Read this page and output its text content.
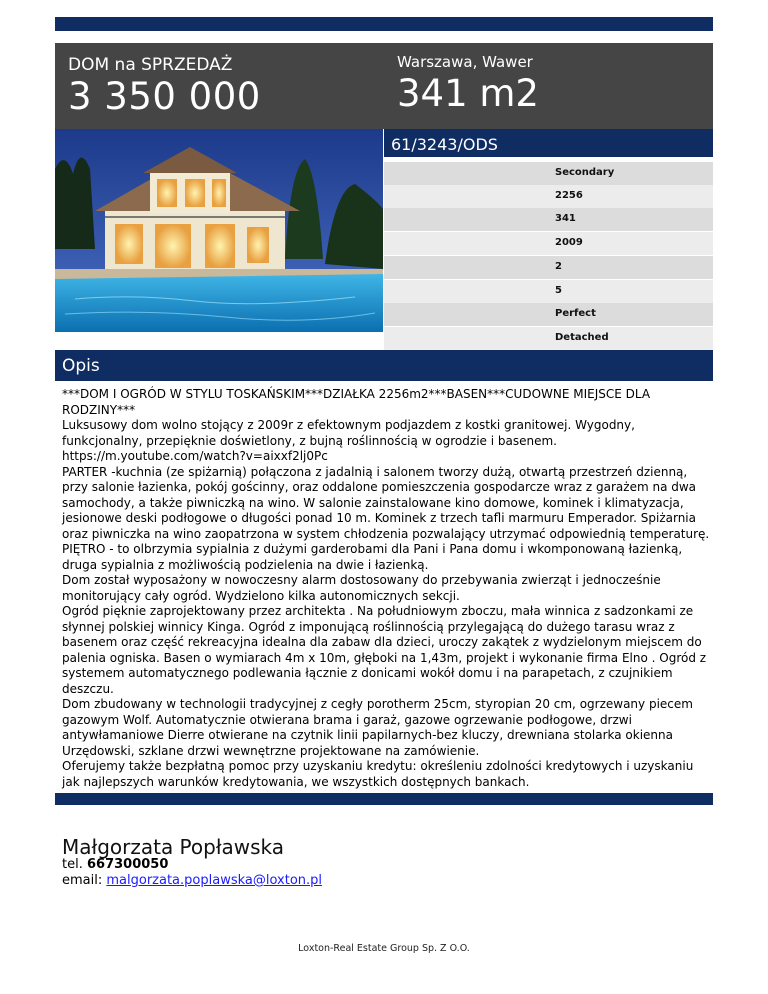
DOM na SPRZEDAŻ
3 350 000
Warszawa, Wawer
341 m2
61/3243/ODS
Secondary
2256
341
2009
2
5
Perfect
Detached
Opis

***DOM I OGRÓD W STYLU TOSKAŃSKIM***DZIAŁKA 2256m2***BASEN***CUDOWNE MIEJSCE DLA RODZINY***

Luksusowy dom wolno stojący z 2009r z efektownym podjazdem z kostki granitowej. Wygodny, funkcjonalny, przepięknie doświetlony, z bujną roślinnością w ogrodzie i basenem.

https://m.youtube.com/watch?v=aixxf2lj0Pc

PARTER -kuchnia (ze spiżarnią) połączona z jadalnią i salonem tworzy dużą, otwartą przestrzeń dzienną, przy salonie łazienka, pokój gościnny, oraz oddalone pomieszczenia gospodarcze wraz z garażem na dwa samochody, a także piwniczką na wino. W salonie zainstalowane kino domowe, kominek i klimatyzacja, jesionowe deski podłogowe o długości ponad 10 m. Kominek z trzech tafli marmuru Emperador. Spiżarnia oraz piwniczka na wino zaopatrzona w system chłodzenia pozwalający utrzymać odpowiednią temperaturę.

PIĘTRO - to olbrzymia sypialnia z dużymi garderobami dla Pani i Pana domu i wkomponowaną łazienką, druga sypialnia z możliwością podzielenia na dwie i łazienką.

Dom został wyposażony w nowoczesny alarm dostosowany do przebywania zwierząt i jednocześnie monitorujący cały ogród. Wydzielono kilka autonomicznych sekcji.

Ogród pięknie zaprojektowany przez architekta . Na południowym zboczu, mała winnica z sadzonkami ze słynnej polskiej winnicy Kinga. Ogród z imponującą roślinnością przylegającą do dużego tarasu wraz z basenem oraz część rekreacyjna idealna dla zabaw dla dzieci, uroczy zakątek z wydzielonym miejscem do palenia ogniska. Basen o wymiarach 4m x 10m, głęboki na 1,43m, projekt i wykonanie firma Elno . Ogród z systemem automatycznego podlewania łącznie z donicami wokół domu i na parapetach, z czujnikiem deszczu.

Dom zbudowany w technologii tradycyjnej z cegły porotherm 25cm, styropian 20 cm, ogrzewany piecem gazowym Wolf. Automatycznie otwierana brama i garaż, gazowe ogrzewanie podłogowe, drzwi antywłamaniowe Dierre otwierane na czytnik linii papilarnych-bez kluczy, drewniana stolarka okienna Urzędowski, szklane drzwi wewnętrzne projektowane na zamówienie.

Oferujemy także bezpłatną pomoc przy uzyskaniu kredytu: określeniu zdolności kredytowych i uzyskaniu jak najlepszych warunków kredytowania, we wszystkich dostępnych bankach.

Małgorzata Popławska
tel. 667300050
email: malgorzata.poplawska@loxton.pl
Loxton-Real Estate Group Sp. Z O.O.
